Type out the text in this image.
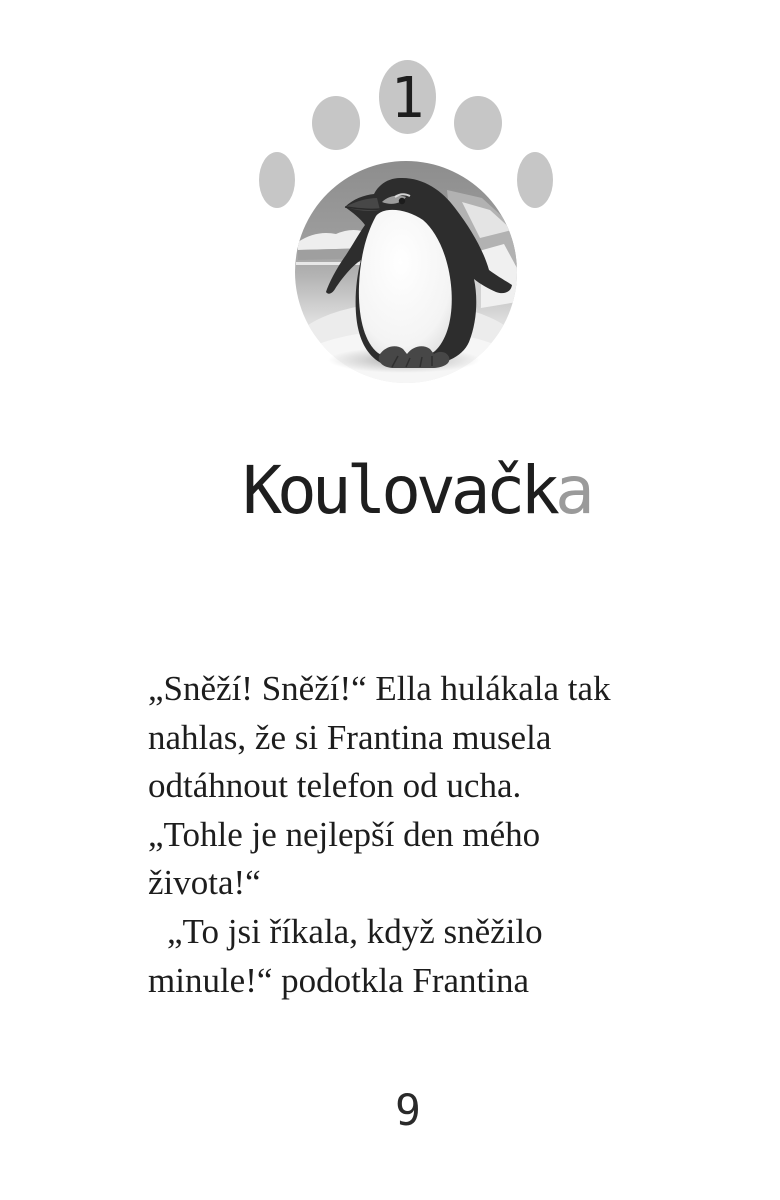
1
Koulovačka
„Sněží! Sněží!“ Ella hulákala tak
nahlas, že si Frantina musela
odtáhnout telefon od ucha.
„Tohle je nejlepší den mého
života!“
„To jsi říkala, když sněžilo
minule!“ podotkla Frantina
9
